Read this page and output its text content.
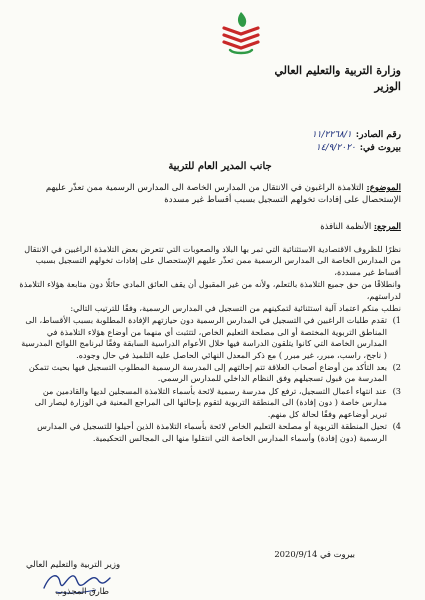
وزارة التربية والتعليم العالي
الوزير
رقم الصادر:١١/٢٢٦٨/١
بيروت في:١٤/٩/٢٠٢٠
جانب المدير العام للتربية
الموضوع: التلامذة الراغبون في الانتقال من المدارس الخاصة الى المدارس الرسمية ممن تعذّر عليهم الإستحصال على إفادات تخولهم التسجيل بسبب أقساط غير مسددة
المرجع: الأنظمة النافذة

نظرًا للظروف الاقتصادية الاستثنائية التي تمر بها البلاد والصعوبات التي تتعرض بعض التلامذة الراغبين في الانتقال من المدارس الخاصة الى المدارس الرسمية ممن تعذّر عليهم الإستحصال على إفادات تخولهم التسجيل بسبب أقساط غير مسددة،

وانطلاقًا من حق جميع التلامذة بالتعلم، ولأنه من غير المقبول أن يقف العائق المادي حائلًا دون متابعة هؤلاء التلامذة لدراستهم،

نطلب منكم اعتماد آلية استثنائية لتمكينهم من التسجيل في المدارس الرسمية، وفقًا للترتيب التالي:

1)
تقدم طلبات الراغبين في التسجيل في المدارس الرسمية دون حيازتهم الإفادة المطلوبة بسبب الأقساط، الى المناطق التربوية المختصة أو الى مصلحة التعليم الخاص، لتتثبت أي منهما من أوضاع هؤلاء التلامذة في المدارس الخاصة التي كانوا يتلقون الدراسة فيها خلال الأعوام الدراسية السابقة وفقًا لبرنامج اللوائح المدرسية ( ناجح، راسب، مبرر، غير مبرر ) مع ذكر المعدل النهائي الحاصل عليه التلميذ في حال وجوده.
2)
بعد التأكد من أوضاع أصحاب العلاقة تتم إحالتهم إلى المدرسة الرسمية المطلوب التسجيل فيها بحيث تتمكن المدرسة من قبول تسجيلهم وفق النظام الداخلي للمدارس الرسمي.
3)
عند انتهاء أعمال التسجيل، ترفع كل مدرسة رسمية لائحة بأسماء التلامذة المسجلين لديها والقادمين من مدارس خاصة ( دون إفادة) الى المنطقة التربوية لتقوم بإحالتها الى المراجع المعنية في الوزارة ليصار الى تبرير أوضاعهم وفقًا لحالة كل منهم.
4)
تحيل المنطقة التربوية أو مصلحة التعليم الخاص لائحة بأسماء التلامذة الذين أحيلوا للتسجيل في المدارس الرسمية (دون إفادة) وأسماء المدارس الخاصة التي انتقلوا منها الى المجالس التحكيمية.
بيروت في 2020/9/14
وزير التربية والتعليم العالي
طارق المجذوب
